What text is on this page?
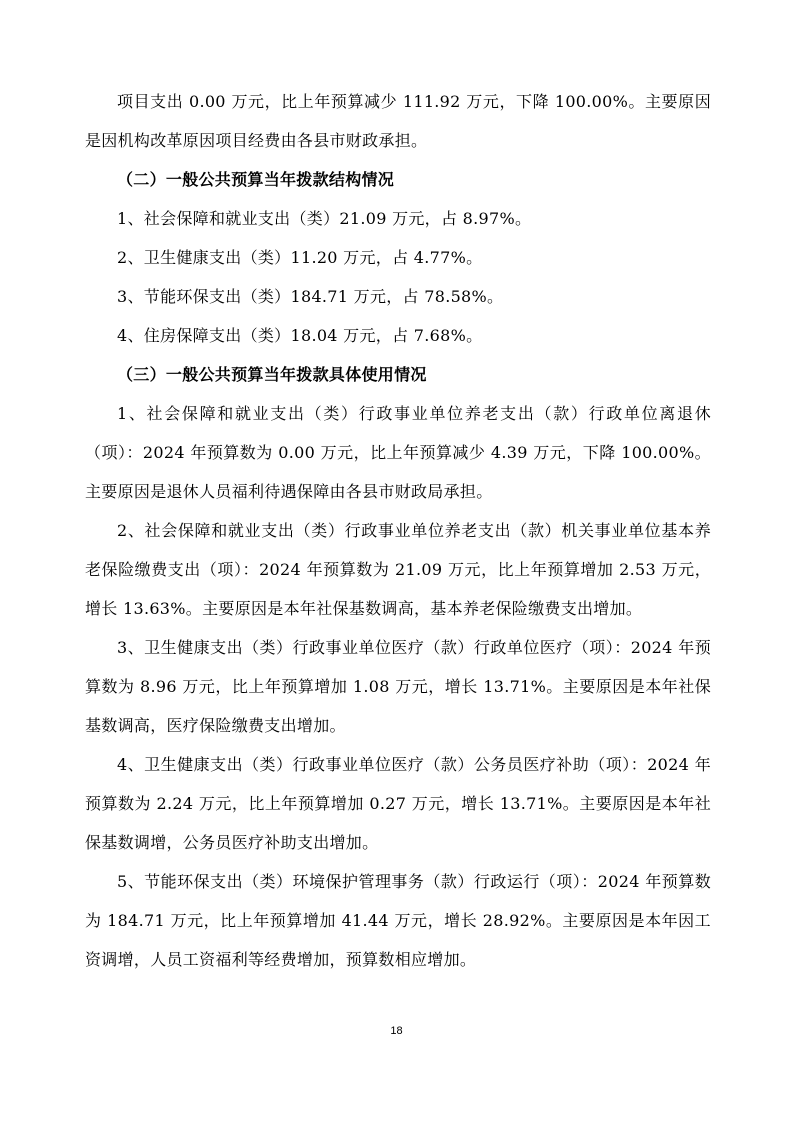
项目支出 0.00 万元，比上年预算减少 111.92 万元，下降 100.00%。主要原因是因机构改革原因项目经费由各县市财政承担。

（二）一般公共预算当年拨款结构情况

1、社会保障和就业支出（类）21.09 万元，占 8.97%。

2、卫生健康支出（类）11.20 万元，占 4.77%。

3、节能环保支出（类）184.71 万元，占 78.58%。

4、住房保障支出（类）18.04 万元，占 7.68%。

（三）一般公共预算当年拨款具体使用情况

1、社会保障和就业支出（类）行政事业单位养老支出（款）行政单位离退休（项）：2024 年预算数为 0.00 万元，比上年预算减少 4.39 万元，下降 100.00%。主要原因是退休人员福利待遇保障由各县市财政局承担。

2、社会保障和就业支出（类）行政事业单位养老支出（款）机关事业单位基本养老保险缴费支出（项）：2024 年预算数为 21.09 万元，比上年预算增加 2.53 万元，增长 13.63%。主要原因是本年社保基数调高，基本养老保险缴费支出增加。

3、卫生健康支出（类）行政事业单位医疗（款）行政单位医疗（项）：2024 年预算数为 8.96 万元，比上年预算增加 1.08 万元，增长 13.71%。主要原因是本年社保基数调高，医疗保险缴费支出增加。

4、卫生健康支出（类）行政事业单位医疗（款）公务员医疗补助（项）：2024 年预算数为 2.24 万元，比上年预算增加 0.27 万元，增长 13.71%。主要原因是本年社保基数调增，公务员医疗补助支出增加。

5、节能环保支出（类）环境保护管理事务（款）行政运行（项）：2024 年预算数为 184.71 万元，比上年预算增加 41.44 万元，增长 28.92%。主要原因是本年因工资调增，人员工资福利等经费增加，预算数相应增加。

18
